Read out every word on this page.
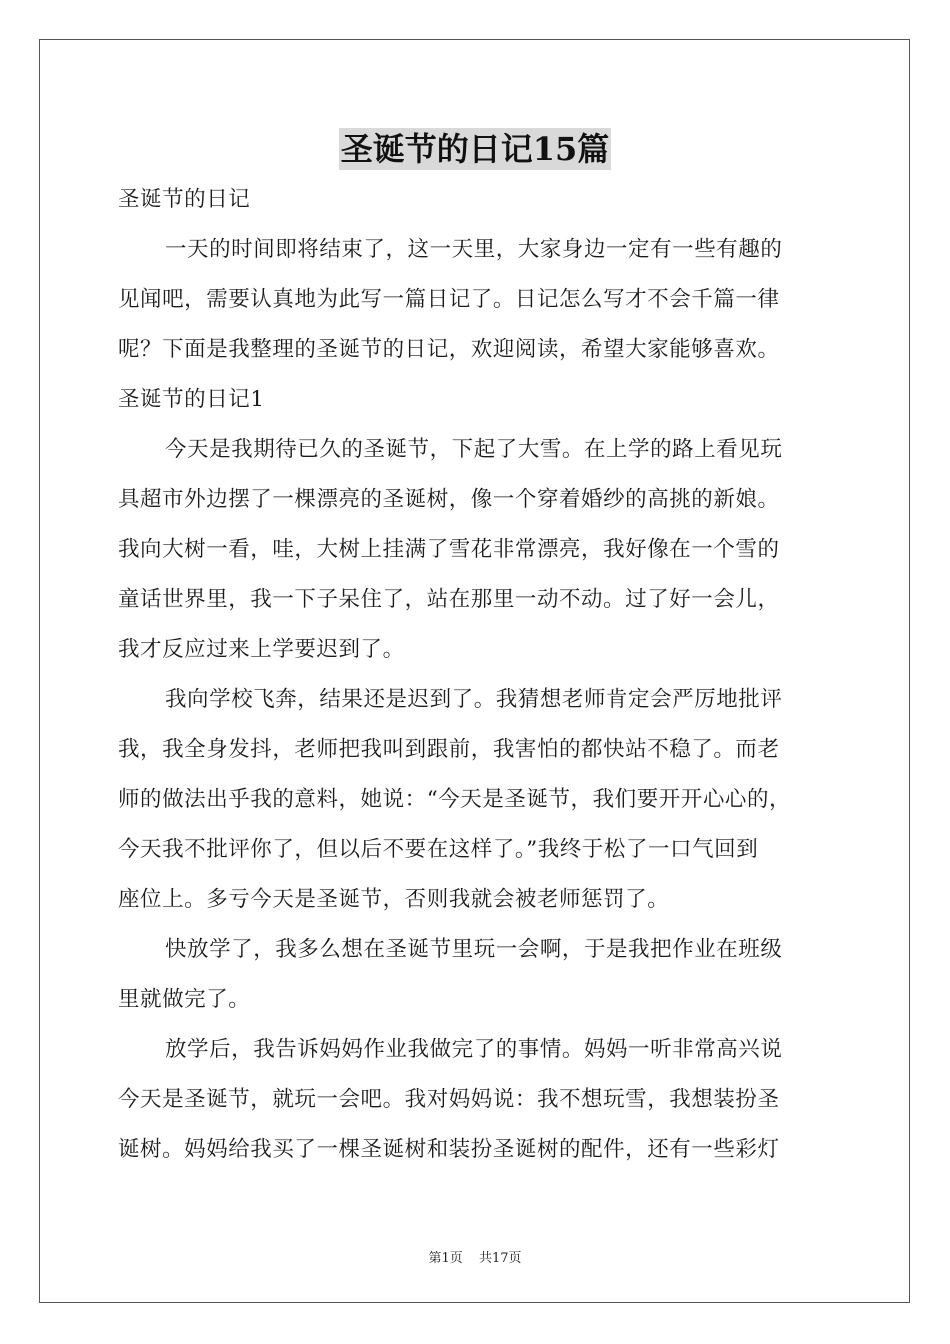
圣诞节的日记15篇
圣诞节的日记
一天的时间即将结束了，这一天里，大家身边一定有一些有趣的
见闻吧，需要认真地为此写一篇日记了。日记怎么写才不会千篇一律
呢？下面是我整理的圣诞节的日记，欢迎阅读，希望大家能够喜欢。
圣诞节的日记1
今天是我期待已久的圣诞节，下起了大雪。在上学的路上看见玩
具超市外边摆了一棵漂亮的圣诞树，像一个穿着婚纱的高挑的新娘。
我向大树一看，哇，大树上挂满了雪花非常漂亮，我好像在一个雪的
童话世界里，我一下子呆住了，站在那里一动不动。过了好一会儿，
我才反应过来上学要迟到了。
我向学校飞奔，结果还是迟到了。我猜想老师肯定会严厉地批评
我，我全身发抖，老师把我叫到跟前，我害怕的都快站不稳了。而老
师的做法出乎我的意料，她说：“今天是圣诞节，我们要开开心心的，
今天我不批评你了，但以后不要在这样了。”我终于松了一口气回到
座位上。多亏今天是圣诞节，否则我就会被老师惩罚了。
快放学了，我多么想在圣诞节里玩一会啊，于是我把作业在班级
里就做完了。
放学后，我告诉妈妈作业我做完了的事情。妈妈一听非常高兴说
今天是圣诞节，就玩一会吧。我对妈妈说：我不想玩雪，我想装扮圣
诞树。妈妈给我买了一棵圣诞树和装扮圣诞树的配件，还有一些彩灯
第1页 共17页
